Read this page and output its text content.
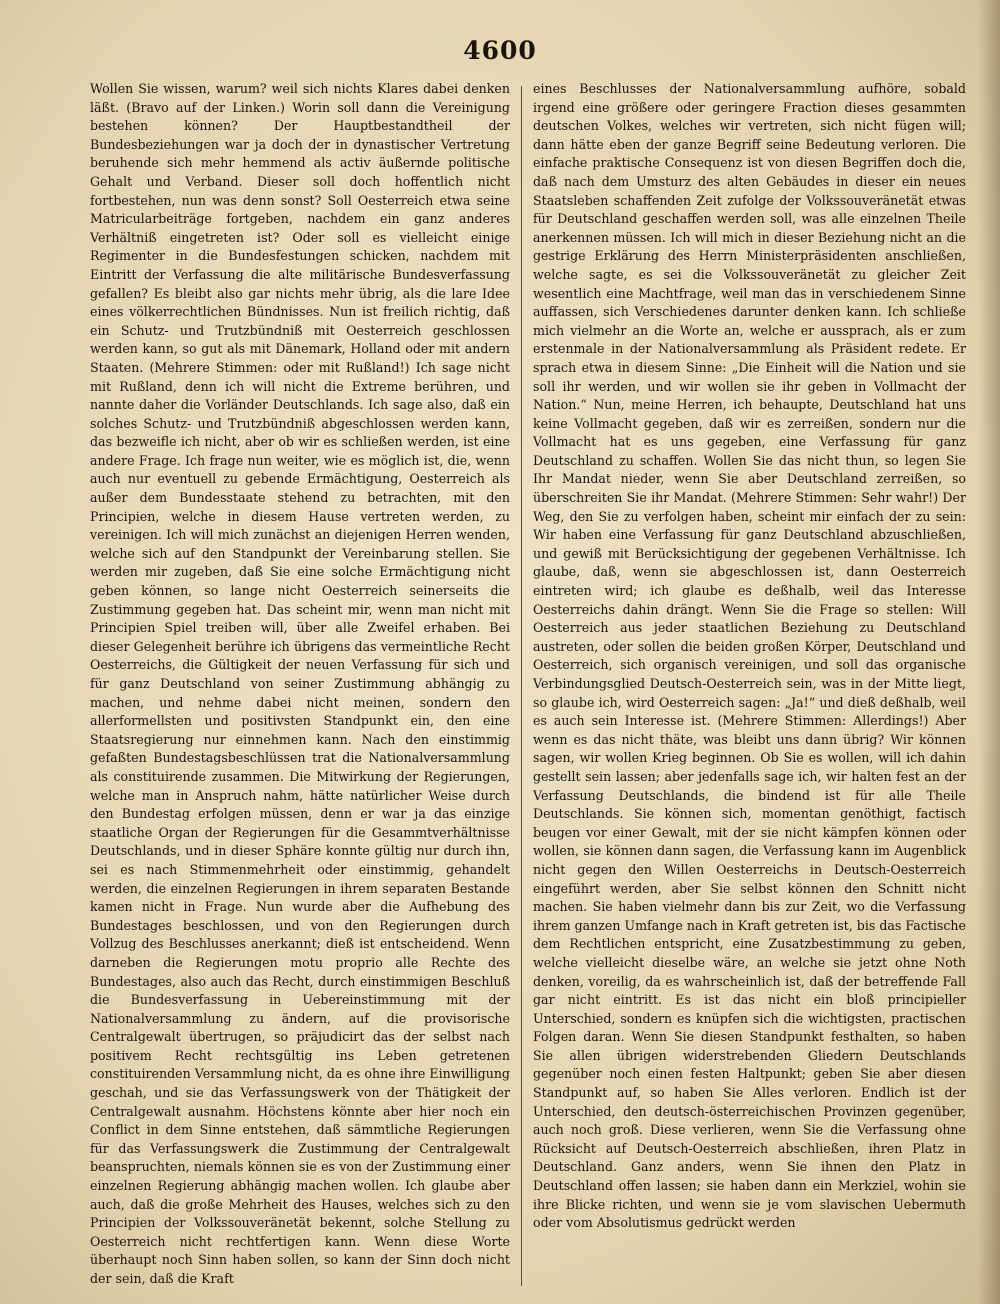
4600

Wollen Sie wissen, warum? weil sich nichts Klares dabei denken läßt. (Bravo auf der Linken.) Worin soll dann die Vereinigung bestehen können? Der Hauptbestandtheil der Bundesbeziehungen war ja doch der in dynastischer Vertretung beruhende sich mehr hemmend als activ äußernde politische Gehalt und Verband. Dieser soll doch hoffentlich nicht fortbestehen, nun was denn sonst? Soll Oesterreich etwa seine Matricularbeiträge fortgeben, nachdem ein ganz anderes Verhältniß eingetreten ist? Oder soll es vielleicht einige Regimenter in die Bundesfestungen schicken, nachdem mit Eintritt der Verfassung die alte militärische Bundesverfassung gefallen? Es bleibt also gar nichts mehr übrig, als die lare Idee eines völkerrechtlichen Bündnisses. Nun ist freilich richtig, daß ein Schutz- und Trutzbündniß mit Oesterreich geschlossen werden kann, so gut als mit Dänemark, Holland oder mit andern Staaten. (Mehrere Stimmen: oder mit Rußland!) Ich sage nicht mit Rußland, denn ich will nicht die Extreme berühren, und nannte daher die Vorländer Deutschlands. Ich sage also, daß ein solches Schutz- und Trutzbündniß abgeschlossen werden kann, das bezweifle ich nicht, aber ob wir es schließen werden, ist eine andere Frage. Ich frage nun weiter, wie es möglich ist, die, wenn auch nur eventuell zu gebende Ermächtigung, Oesterreich als außer dem Bundesstaate stehend zu betrachten, mit den Principien, welche in diesem Hause vertreten werden, zu vereinigen. Ich will mich zunächst an diejenigen Herren wenden, welche sich auf den Standpunkt der Vereinbarung stellen. Sie werden mir zugeben, daß Sie eine solche Ermächtigung nicht geben können, so lange nicht Oesterreich seinerseits die Zustimmung gegeben hat. Das scheint mir, wenn man nicht mit Principien Spiel treiben will, über alle Zweifel erhaben. Bei dieser Gelegenheit berühre ich übrigens das vermeintliche Recht Oesterreichs, die Gültigkeit der neuen Verfassung für sich und für ganz Deutschland von seiner Zustimmung abhängig zu machen, und nehme dabei nicht meinen, sondern den allerformellsten und positivsten Standpunkt ein, den eine Staatsregierung nur einnehmen kann. Nach den einstimmig gefaßten Bundestagsbeschlüssen trat die Nationalversammlung als constituirende zusammen. Die Mitwirkung der Regierungen, welche man in Anspruch nahm, hätte natürlicher Weise durch den Bundestag erfolgen müssen, denn er war ja das einzige staatliche Organ der Regierungen für die Gesammtverhältnisse Deutschlands, und in dieser Sphäre konnte gültig nur durch ihn, sei es nach Stimmenmehrheit oder einstimmig, gehandelt werden, die einzelnen Regierungen in ihrem separaten Bestande kamen nicht in Frage. Nun wurde aber die Aufhebung des Bundestages beschlossen, und von den Regierungen durch Vollzug des Beschlusses anerkannt; dieß ist entscheidend. Wenn darneben die Regierungen motu proprio alle Rechte des Bundestages, also auch das Recht, durch einstimmigen Beschluß die Bundesverfassung in Uebereinstimmung mit der Nationalversammlung zu ändern, auf die provisorische Centralgewalt übertrugen, so präjudicirt das der selbst nach positivem Recht rechtsgültig ins Leben getretenen constituirenden Versammlung nicht, da es ohne ihre Einwilligung geschah, und sie das Verfassungswerk von der Thätigkeit der Centralgewalt ausnahm. Höchstens könnte aber hier noch ein Conflict in dem Sinne entstehen, daß sämmtliche Regierungen für das Verfassungswerk die Zustimmung der Centralgewalt beanspruchten, niemals können sie es von der Zustimmung einer einzelnen Regierung abhängig machen wollen. Ich glaube aber auch, daß die große Mehrheit des Hauses, welches sich zu den Principien der Volkssouveränetät bekennt, solche Stellung zu Oesterreich nicht rechtfertigen kann. Wenn diese Worte überhaupt noch Sinn haben sollen, so kann der Sinn doch nicht der sein, daß die Kraft

eines Beschlusses der Nationalversammlung aufhöre, sobald irgend eine größere oder geringere Fraction dieses gesammten deutschen Volkes, welches wir vertreten, sich nicht fügen will; dann hätte eben der ganze Begriff seine Bedeutung verloren. Die einfache praktische Consequenz ist von diesen Begriffen doch die, daß nach dem Umsturz des alten Gebäudes in dieser ein neues Staatsleben schaffenden Zeit zufolge der Volkssouveränetät etwas für Deutschland geschaffen werden soll, was alle einzelnen Theile anerkennen müssen. Ich will mich in dieser Beziehung nicht an die gestrige Erklärung des Herrn Ministerpräsidenten anschließen, welche sagte, es sei die Volkssouveränetät zu gleicher Zeit wesentlich eine Machtfrage, weil man das in verschiedenem Sinne auffassen, sich Verschiedenes darunter denken kann. Ich schließe mich vielmehr an die Worte an, welche er aussprach, als er zum erstenmale in der Nationalversammlung als Präsident redete. Er sprach etwa in diesem Sinne: „Die Einheit will die Nation und sie soll ihr werden, und wir wollen sie ihr geben in Vollmacht der Nation.“ Nun, meine Herren, ich behaupte, Deutschland hat uns keine Vollmacht gegeben, daß wir es zerreißen, sondern nur die Vollmacht hat es uns gegeben, eine Verfassung für ganz Deutschland zu schaffen. Wollen Sie das nicht thun, so legen Sie Ihr Mandat nieder, wenn Sie aber Deutschland zerreißen, so überschreiten Sie ihr Mandat. (Mehrere Stimmen: Sehr wahr!) Der Weg, den Sie zu verfolgen haben, scheint mir einfach der zu sein: Wir haben eine Verfassung für ganz Deutschland abzuschließen, und gewiß mit Berücksichtigung der gegebenen Verhältnisse. Ich glaube, daß, wenn sie abgeschlossen ist, dann Oesterreich eintreten wird; ich glaube es deßhalb, weil das Interesse Oesterreichs dahin drängt. Wenn Sie die Frage so stellen: Will Oesterreich aus jeder staatlichen Beziehung zu Deutschland austreten, oder sollen die beiden großen Körper, Deutschland und Oesterreich, sich organisch vereinigen, und soll das organische Verbindungsglied Deutsch-Oesterreich sein, was in der Mitte liegt, so glaube ich, wird Oesterreich sagen: „Ja!“ und dieß deßhalb, weil es auch sein Interesse ist. (Mehrere Stimmen: Allerdings!) Aber wenn es das nicht thäte, was bleibt uns dann übrig? Wir können sagen, wir wollen Krieg beginnen. Ob Sie es wollen, will ich dahin gestellt sein lassen; aber jedenfalls sage ich, wir halten fest an der Verfassung Deutschlands, die bindend ist für alle Theile Deutschlands. Sie können sich, momentan genöthigt, factisch beugen vor einer Gewalt, mit der sie nicht kämpfen können oder wollen, sie können dann sagen, die Verfassung kann im Augenblick nicht gegen den Willen Oesterreichs in Deutsch-Oesterreich eingeführt werden, aber Sie selbst können den Schnitt nicht machen. Sie haben vielmehr dann bis zur Zeit, wo die Verfassung ihrem ganzen Umfange nach in Kraft getreten ist, bis das Factische dem Rechtlichen entspricht, eine Zusatzbestimmung zu geben, welche vielleicht dieselbe wäre, an welche sie jetzt ohne Noth denken, voreilig, da es wahrscheinlich ist, daß der betreffende Fall gar nicht eintritt. Es ist das nicht ein bloß principieller Unterschied, sondern es knüpfen sich die wichtigsten, practischen Folgen daran. Wenn Sie diesen Standpunkt festhalten, so haben Sie allen übrigen widerstrebenden Gliedern Deutschlands gegenüber noch einen festen Haltpunkt; geben Sie aber diesen Standpunkt auf, so haben Sie Alles verloren. Endlich ist der Unterschied, den deutsch-österreichischen Provinzen gegenüber, auch noch groß. Diese verlieren, wenn Sie die Verfassung ohne Rücksicht auf Deutsch-Oesterreich abschließen, ihren Platz in Deutschland. Ganz anders, wenn Sie ihnen den Platz in Deutschland offen lassen; sie haben dann ein Merkziel, wohin sie ihre Blicke richten, und wenn sie je vom slavischen Uebermuth oder vom Absolutismus gedrückt werden
